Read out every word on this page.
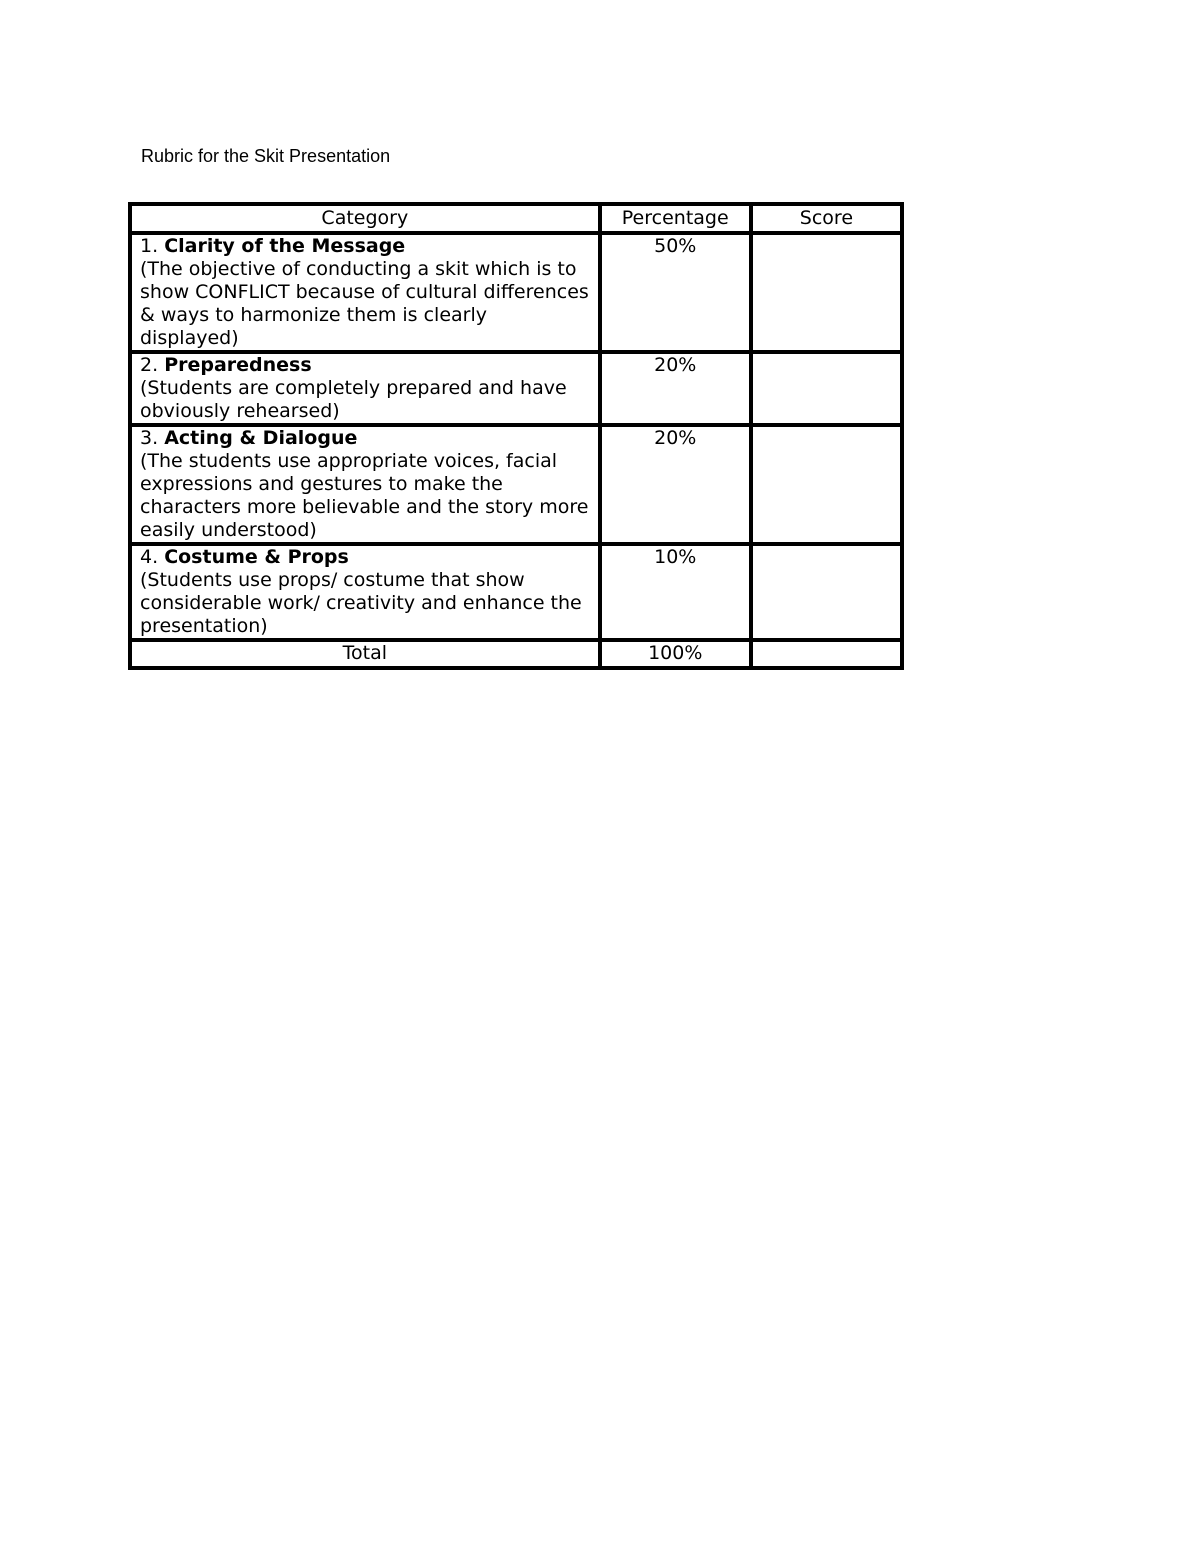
Rubric for the Skit Presentation
Category	Percentage	Score
1. Clarity of the Message
(The objective of conducting a skit which is to show CONFLICT because of cultural differences & ways to harmonize them is clearly displayed)	50%	
2. Preparedness
(Students are completely prepared and have obviously rehearsed)	20%	
3. Acting & Dialogue
(The students use appropriate voices, facial expressions and gestures to make the characters more believable and the story more easily understood)	20%	
4. Costume & Props
(Students use props/ costume that show considerable work/ creativity and enhance the presentation)	10%	
Total	100%	
